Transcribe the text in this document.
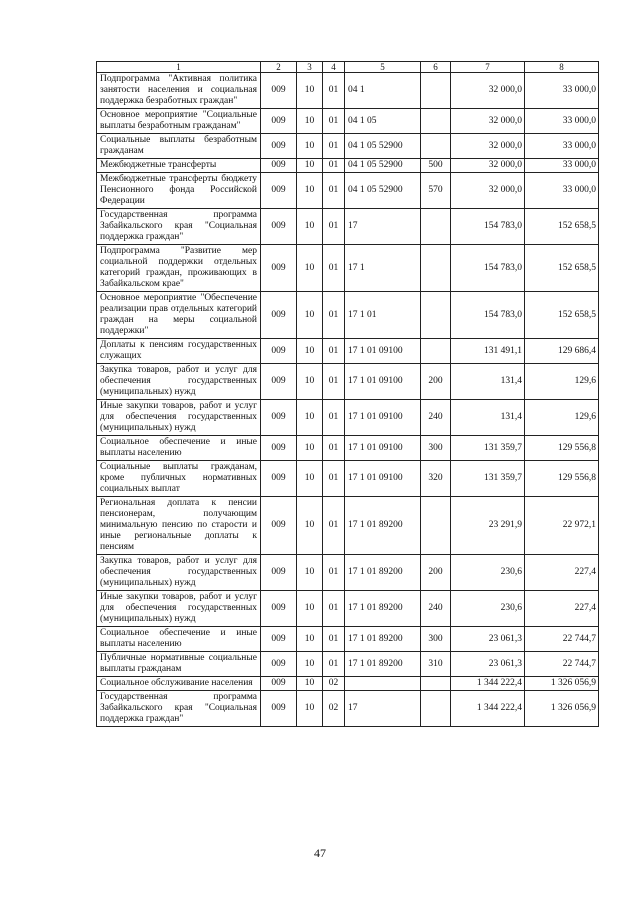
1	2	3	4	5	6	7	8
Подпрограмма "Активная политика занятости населения и социальная поддержка безработных граждан"	009	10	01	04 1		32 000,0	33 000,0
Основное мероприятие "Социальные выплаты безработным гражданам"	009	10	01	04 1 05		32 000,0	33 000,0
Социальные выплаты безработным гражданам	009	10	01	04 1 05 52900		32 000,0	33 000,0
Межбюджетные трансферты	009	10	01	04 1 05 52900	500	32 000,0	33 000,0
Межбюджетные трансферты бюджету Пенсионного фонда Российской Федерации	009	10	01	04 1 05 52900	570	32 000,0	33 000,0
Государственная программа Забайкальского края "Социальная поддержка граждан"	009	10	01	17		154 783,0	152 658,5
Подпрограмма "Развитие мер социальной поддержки отдельных категорий граждан, проживающих в Забайкальском крае"	009	10	01	17 1		154 783,0	152 658,5
Основное мероприятие "Обеспечение реализации прав отдельных категорий граждан на меры социальной поддержки"	009	10	01	17 1 01		154 783,0	152 658,5
Доплаты к пенсиям государственных служащих	009	10	01	17 1 01 09100		131 491,1	129 686,4
Закупка товаров, работ и услуг для обеспечения государственных (муниципальных) нужд	009	10	01	17 1 01 09100	200	131,4	129,6
Иные закупки товаров, работ и услуг для обеспечения государственных (муниципальных) нужд	009	10	01	17 1 01 09100	240	131,4	129,6
Социальное обеспечение и иные выплаты населению	009	10	01	17 1 01 09100	300	131 359,7	129 556,8
Социальные выплаты гражданам, кроме публичных нормативных социальных выплат	009	10	01	17 1 01 09100	320	131 359,7	129 556,8
Региональная доплата к пенсии пенсионерам, получающим минимальную пенсию по старости и иные региональные доплаты к пенсиям	009	10	01	17 1 01 89200		23 291,9	22 972,1
Закупка товаров, работ и услуг для обеспечения государственных (муниципальных) нужд	009	10	01	17 1 01 89200	200	230,6	227,4
Иные закупки товаров, работ и услуг для обеспечения государственных (муниципальных) нужд	009	10	01	17 1 01 89200	240	230,6	227,4
Социальное обеспечение и иные выплаты населению	009	10	01	17 1 01 89200	300	23 061,3	22 744,7
Публичные нормативные социальные выплаты гражданам	009	10	01	17 1 01 89200	310	23 061,3	22 744,7
Социальное обслуживание населения	009	10	02			1 344 222,4	1 326 056,9
Государственная программа Забайкальского края "Социальная поддержка граждан"	009	10	02	17		1 344 222,4	1 326 056,9
47
